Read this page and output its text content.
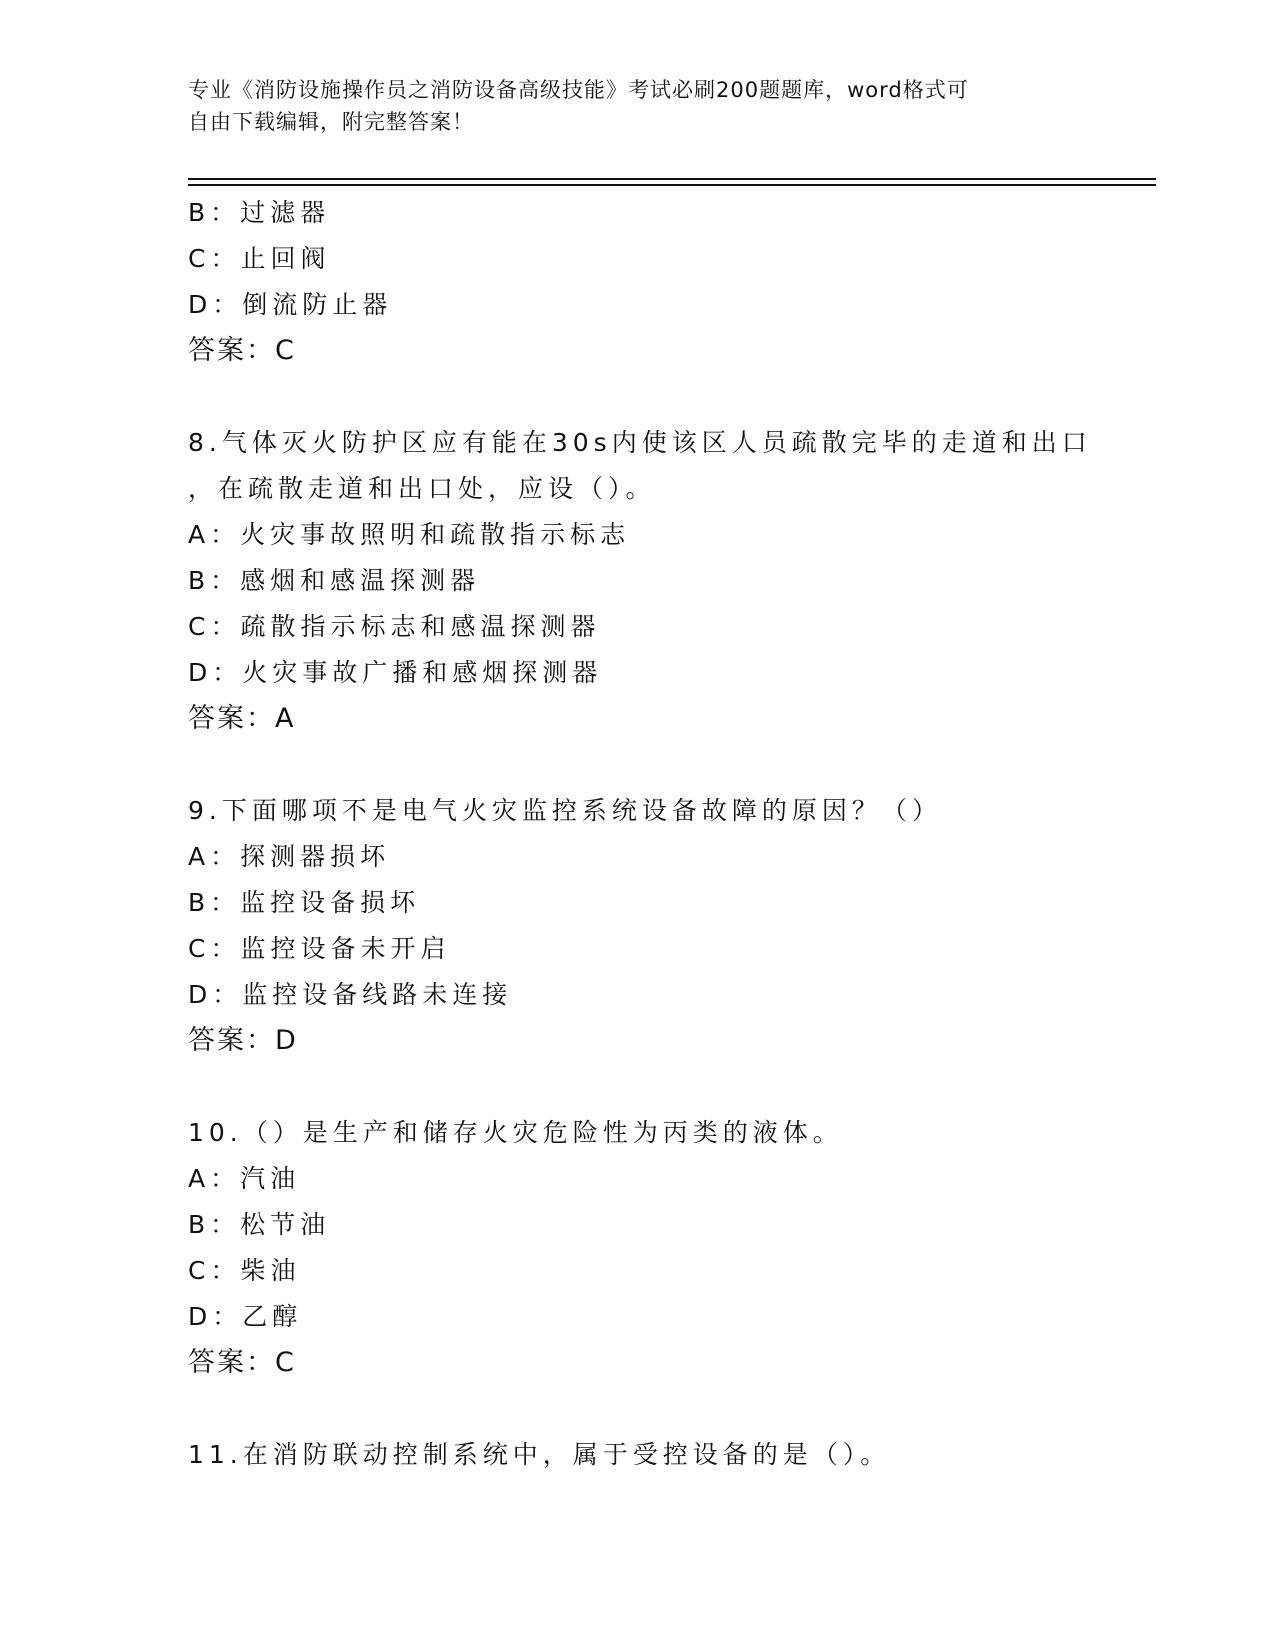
专业《消防设施操作员之消防设备高级技能》考试必刷200题题库，word格式可
自由下载编辑，附完整答案！
B：过滤器
C：止回阀
D：倒流防止器
答案：C
8.气体灭火防护区应有能在30s内使该区人员疏散完毕的走道和出口
，在疏散走道和出口处，应设（）。
A：火灾事故照明和疏散指示标志
B：感烟和感温探测器
C：疏散指示标志和感温探测器
D：火灾事故广播和感烟探测器
答案：A
9.下面哪项不是电气火灾监控系统设备故障的原因？（）
A：探测器损坏
B：监控设备损坏
C：监控设备未开启
D：监控设备线路未连接
答案：D
10.（）是生产和储存火灾危险性为丙类的液体。
A：汽油
B：松节油
C：柴油
D：乙醇
答案：C
11.在消防联动控制系统中，属于受控设备的是（）。
